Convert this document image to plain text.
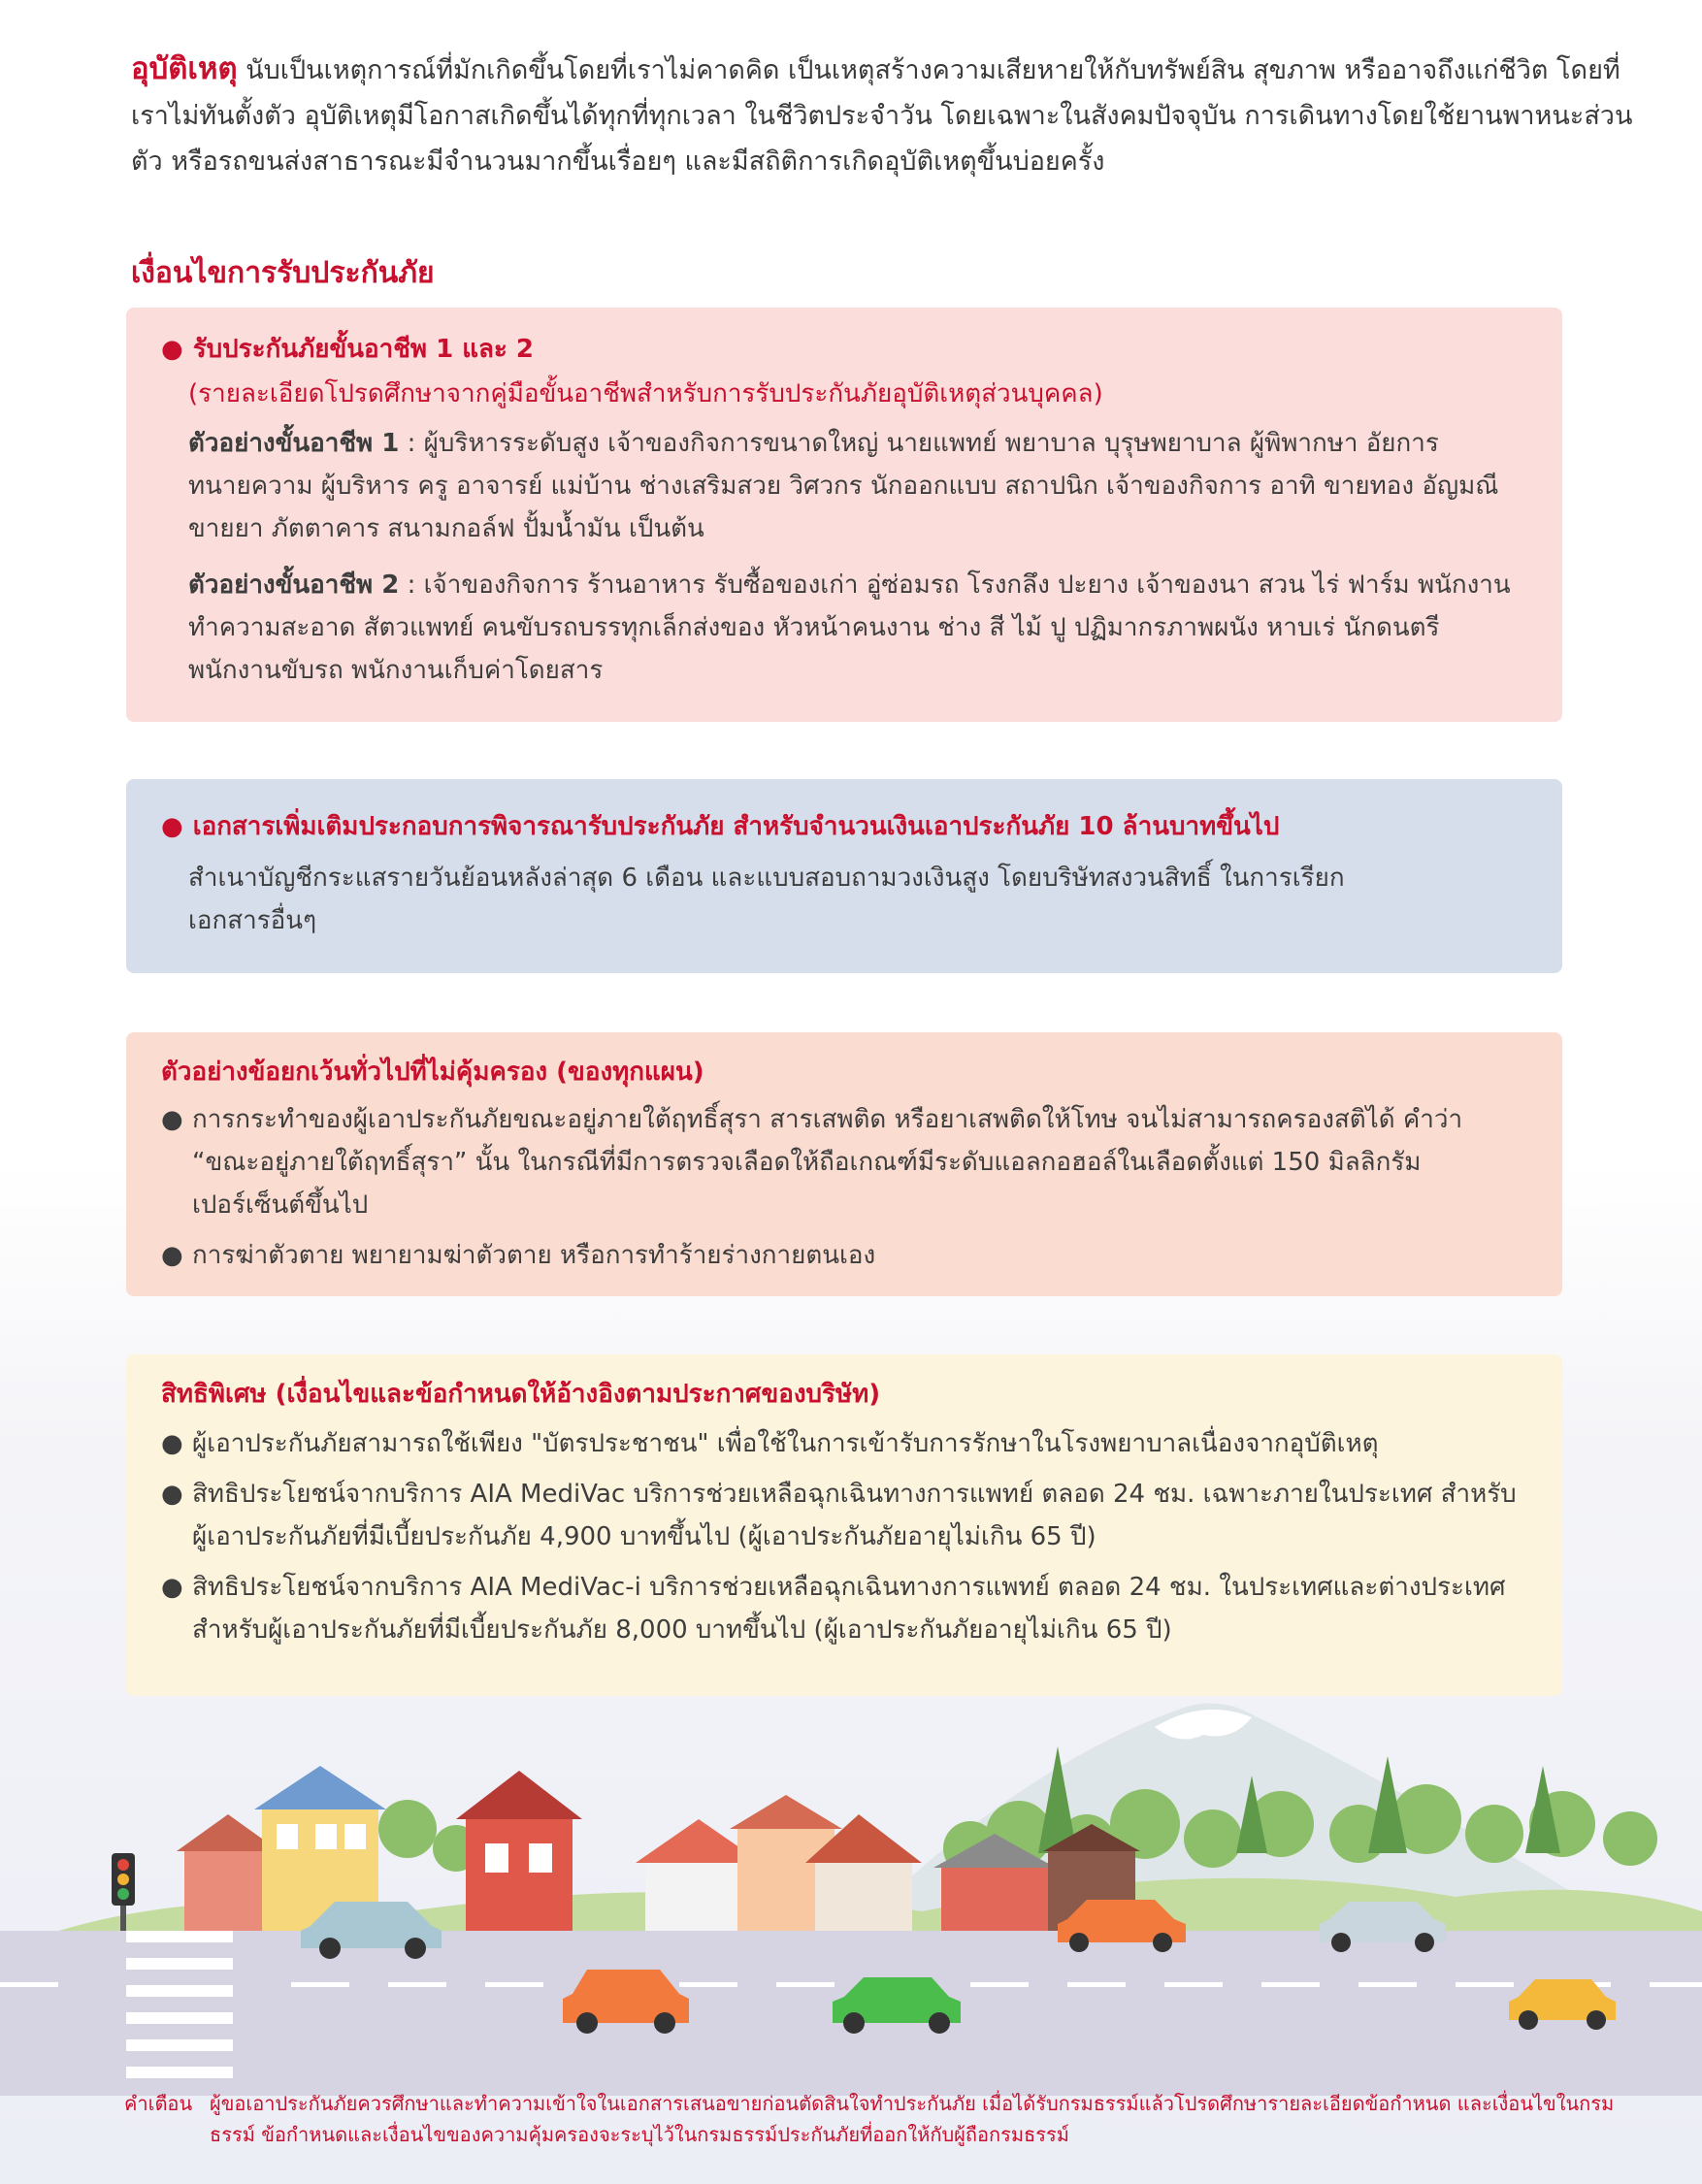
อุบัติเหตุ นับเป็นเหตุการณ์ที่มักเกิดขึ้นโดยที่เราไม่คาดคิด เป็นเหตุสร้างความเสียหายให้กับทรัพย์สิน สุขภาพ หรืออาจถึงแก่ชีวิต โดยที่เราไม่ทันตั้งตัว อุบัติเหตุมีโอกาสเกิดขึ้นได้ทุกที่ทุกเวลา ในชีวิตประจำวัน โดยเฉพาะในสังคมปัจจุบัน การเดินทางโดยใช้ยานพาหนะส่วนตัว หรือรถขนส่งสาธารณะมีจำนวนมากขึ้นเรื่อยๆ และมีสถิติการเกิดอุบัติเหตุขึ้นบ่อยครั้ง

เงื่อนไขการรับประกันภัย

● รับประกันภัยขั้นอาชีพ 1 และ 2

(รายละเอียดโปรดศึกษาจากคู่มือขั้นอาชีพสำหรับการรับประกันภัยอุบัติเหตุส่วนบุคคล)

ตัวอย่างขั้นอาชีพ 1 : ผู้บริหารระดับสูง เจ้าของกิจการขนาดใหญ่ นายแพทย์ พยาบาล บุรุษพยาบาล ผู้พิพากษา อัยการ ทนายความ ผู้บริหาร ครู อาจารย์ แม่บ้าน ช่างเสริมสวย วิศวกร นักออกแบบ สถาปนิก เจ้าของกิจการ อาทิ ขายทอง อัญมณี ขายยา ภัตตาคาร สนามกอล์ฟ ปั้มน้ำมัน เป็นต้น

ตัวอย่างขั้นอาชีพ 2 : เจ้าของกิจการ ร้านอาหาร รับซื้อของเก่า อู่ซ่อมรถ โรงกลึง ปะยาง เจ้าของนา สวน ไร่ ฟาร์ม พนักงานทำความสะอาด สัตวแพทย์ คนขับรถบรรทุกเล็กส่งของ หัวหน้าคนงาน ช่าง สี ไม้ ปู ปฏิมากรภาพผนัง หาบเร่ นักดนตรี พนักงานขับรถ พนักงานเก็บค่าโดยสาร

● เอกสารเพิ่มเติมประกอบการพิจารณารับประกันภัย สำหรับจำนวนเงินเอาประกันภัย 10 ล้านบาทขึ้นไป

สำเนาบัญชีกระแสรายวันย้อนหลังล่าสุด 6 เดือน และแบบสอบถามวงเงินสูง โดยบริษัทสงวนสิทธิ์ ในการเรียกเอกสารอื่นๆ

ตัวอย่างข้อยกเว้นทั่วไปที่ไม่คุ้มครอง (ของทุกแผน)

● การกระทำของผู้เอาประกันภัยขณะอยู่ภายใต้ฤทธิ์สุรา สารเสพติด หรือยาเสพติดให้โทษ จนไม่สามารถครองสติได้ คำว่า “ขณะอยู่ภายใต้ฤทธิ์สุรา” นั้น ในกรณีที่มีการตรวจเลือดให้ถือเกณฑ์มีระดับแอลกอฮอล์ในเลือดตั้งแต่ 150 มิลลิกรัมเปอร์เซ็นต์ขึ้นไป
● การฆ่าตัวตาย พยายามฆ่าตัวตาย หรือการทำร้ายร่างกายตนเอง

สิทธิพิเศษ (เงื่อนไขและข้อกำหนดให้อ้างอิงตามประกาศของบริษัท)

● ผู้เอาประกันภัยสามารถใช้เพียง "บัตรประชาชน" เพื่อใช้ในการเข้ารับการรักษาในโรงพยาบาลเนื่องจากอุบัติเหตุ
● สิทธิประโยชน์จากบริการ AIA MediVac บริการช่วยเหลือฉุกเฉินทางการแพทย์ ตลอด 24 ชม. เฉพาะภายในประเทศ สำหรับผู้เอาประกันภัยที่มีเบี้ยประกันภัย 4,900 บาทขึ้นไป (ผู้เอาประกันภัยอายุไม่เกิน 65 ปี)
● สิทธิประโยชน์จากบริการ AIA MediVac-i บริการช่วยเหลือฉุกเฉินทางการแพทย์ ตลอด 24 ชม. ในประเทศและต่างประเทศ สำหรับผู้เอาประกันภัยที่มีเบี้ยประกันภัย 8,000 บาทขึ้นไป (ผู้เอาประกันภัยอายุไม่เกิน 65 ปี)
คำเตือน ผู้ขอเอาประกันภัยควรศึกษาและทำความเข้าใจในเอกสารเสนอขายก่อนตัดสินใจทำประกันภัย เมื่อได้รับกรมธรรม์แล้วโปรดศึกษารายละเอียดข้อกำหนด และเงื่อนไขในกรมธรรม์ ข้อกำหนดและเงื่อนไขของความคุ้มครองจะระบุไว้ในกรมธรรม์ประกันภัยที่ออกให้กับผู้ถือกรมธรรม์
